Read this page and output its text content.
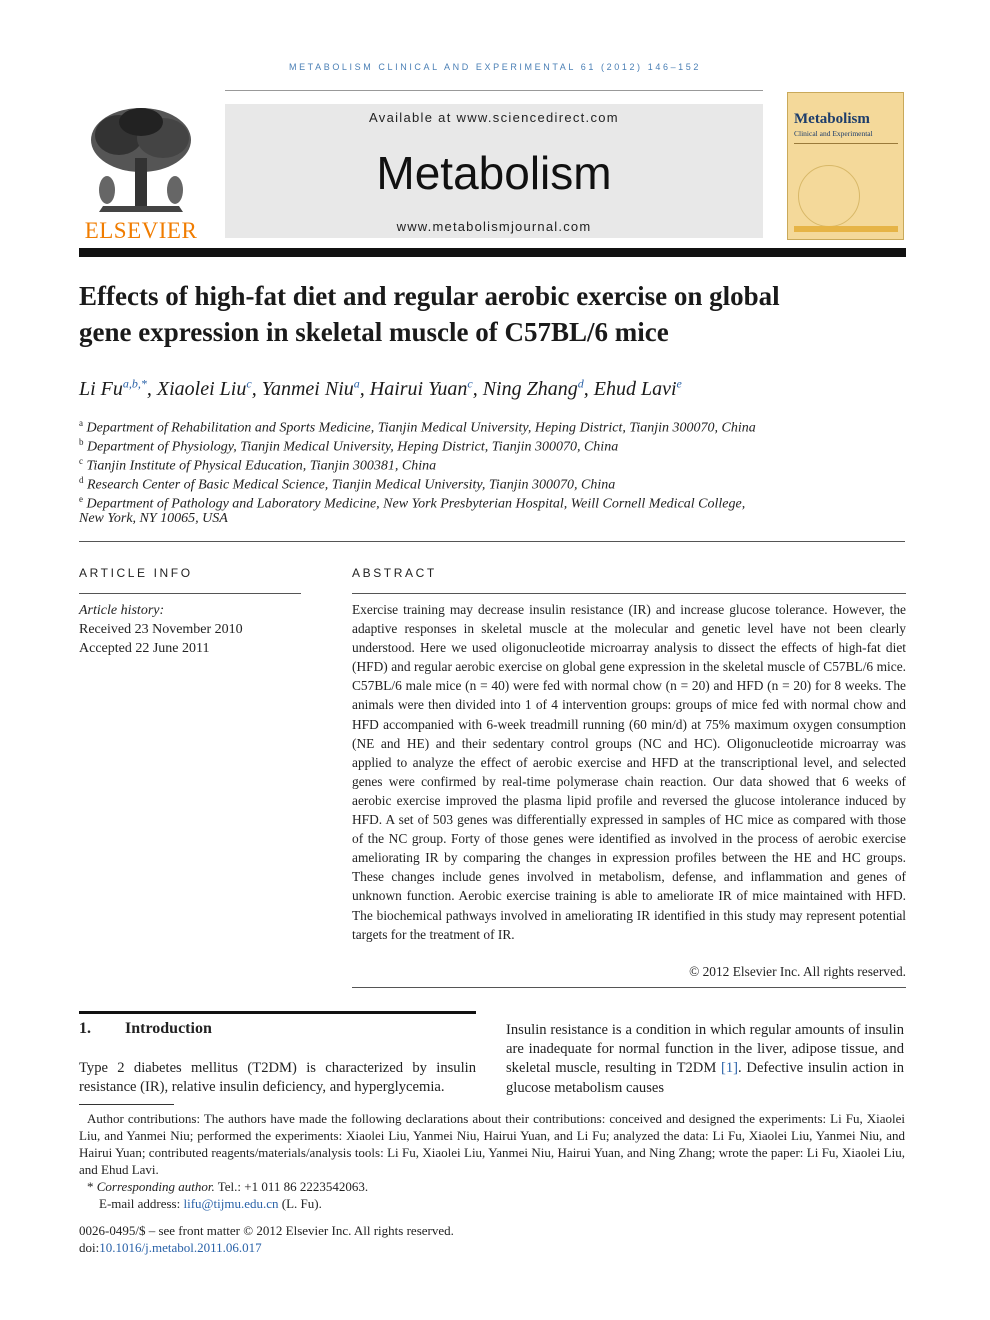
METABOLISM CLINICAL AND EXPERIMENTAL 61 (2012) 146–152
ELSEVIER
Available at www.sciencedirect.com
Metabolism
www.metabolismjournal.com
Metabolism
Clinical and Experimental
Effects of high-fat diet and regular aerobic exercise on global
gene expression in skeletal muscle of C57BL/6 mice
Li $Fu^{a,b,*}$, Xiaolei Liu$^c$, Yanmei Niu$^a$, Hairui Yuan$^c$, Ning Zhang$^d$, Ehud Lavi$^e$
$^a$ Department of Rehabilitation and Sports Medicine, Tianjin Medical University, Heping District, Tianjin 300070, China
$^b$ Department of Physiology, Tianjin Medical University, Heping District, Tianjin 300070, China
$^c$ Tianjin Institute of Physical Education, Tianjin 300381, China
$^d$ Research Center of Basic Medical Science, Tianjin Medical University, Tianjin 300070, China
$^e$ Department of Pathology and Laboratory Medicine, New York Presbyterian Hospital, Weill Cornell Medical College,
New York, NY 10065, USA
ARTICLE INFO
Article history:
Received 23 November 2010
Accepted 22 June 2011
ABSTRACT
Exercise training may decrease insulin resistance (IR) and increase glucose tolerance. However, the adaptive responses in skeletal muscle at the molecular and genetic level have not been clearly understood. Here we used oligonucleotide microarray analysis to dissect the effects of high-fat diet (HFD) and regular aerobic exercise on global gene expression in the skeletal muscle of C57BL/6 mice. C57BL/6 male mice (n = 40) were fed with normal chow (n = 20) and HFD (n = 20) for 8 weeks. The animals were then divided into 1 of 4 intervention groups: groups of mice fed with normal chow and HFD accompanied with 6-week treadmill running (60 min/d) at 75% maximum oxygen consumption (NE and HE) and their sedentary control groups (NC and HC). Oligonucleotide microarray was applied to analyze the effect of aerobic exercise and HFD at the transcriptional level, and selected genes were confirmed by real-time polymerase chain reaction. Our data showed that 6 weeks of aerobic exercise improved the plasma lipid profile and reversed the glucose intolerance induced by HFD. A set of 503 genes was differentially expressed in samples of HC mice as compared with those of the NC group. Forty of those genes were identified as involved in the process of aerobic exercise ameliorating IR by comparing the changes in expression profiles between the HE and HC groups. These changes include genes involved in metabolism, defense, and inflammation and genes of unknown function. Aerobic exercise training is able to ameliorate IR of mice maintained with HFD. The biochemical pathways involved in ameliorating IR identified in this study may represent potential targets for the treatment of IR.
© 2012 Elsevier Inc. All rights reserved.
1. Introduction
Type 2 diabetes mellitus (T2DM) is characterized by insulin resistance (IR), relative insulin deficiency, and hyperglycemia.
Insulin resistance is a condition in which regular amounts of insulin are inadequate for normal function in the liver, adipose tissue, and skeletal muscle, resulting in T2DM [1]. Defective insulin action in glucose metabolism causes
Author contributions: The authors have made the following declarations about their contributions: conceived and designed the experiments: Li Fu, Xiaolei Liu, and Yanmei Niu; performed the experiments: Xiaolei Liu, Yanmei Niu, Hairui Yuan, and Li Fu; analyzed the data: Li Fu, Xiaolei Liu, Yanmei Niu, and Hairui Yuan; contributed reagents/materials/analysis tools: Li Fu, Xiaolei Liu, Yanmei Niu, Hairui Yuan, and Ning Zhang; wrote the paper: Li Fu, Xiaolei Liu, and Ehud Lavi.
* Corresponding author. Tel.: +1 011 86 2223542063.
E-mail address: lifu@tijmu.edu.cn (L. Fu).
0026-0495/$ – see front matter © 2012 Elsevier Inc. All rights reserved.
doi:10.1016/j.metabol.2011.06.017
